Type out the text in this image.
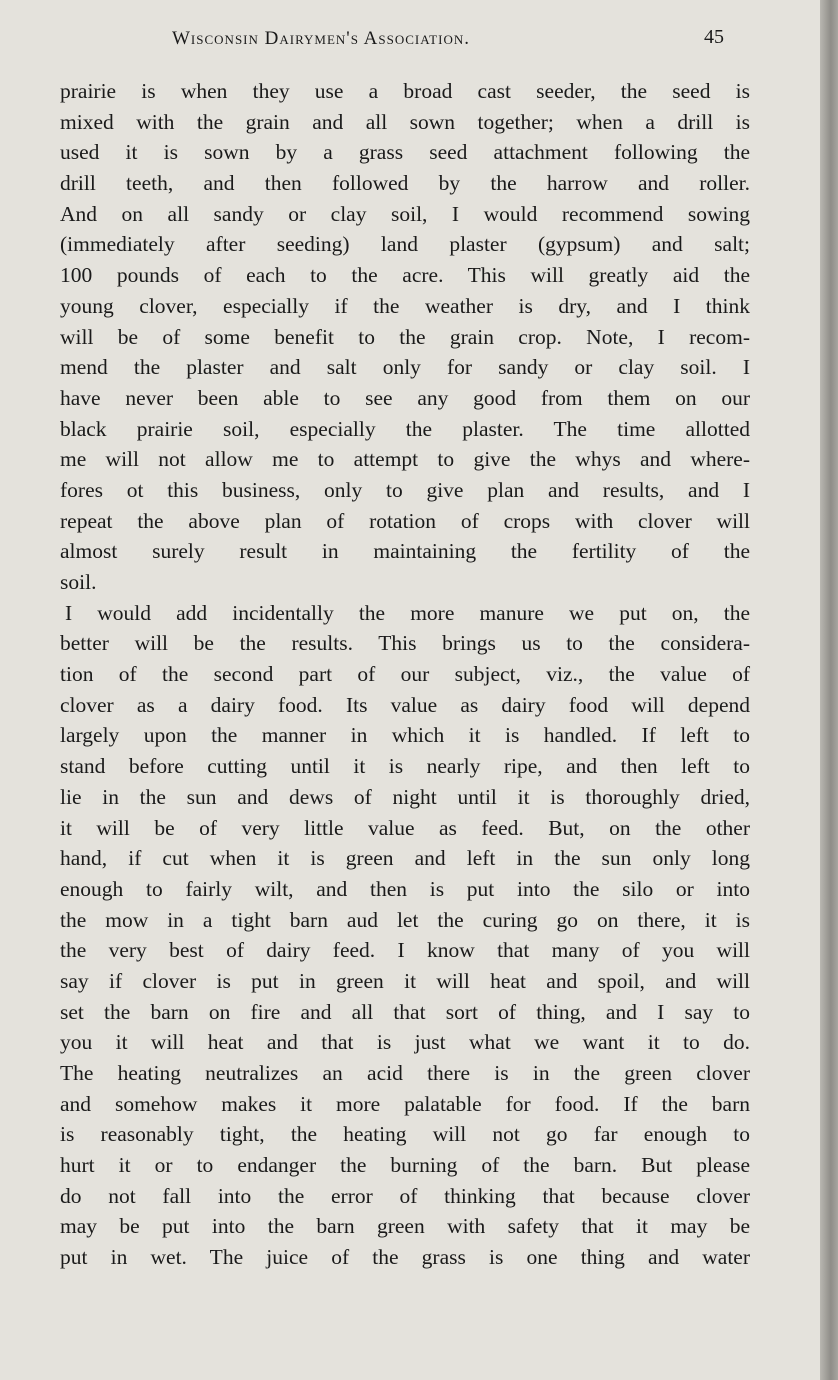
Wisconsin Dairymen's Association.	45
prairie is when they use a broad cast seeder, the seed is
mixed with the grain and all sown together; when a drill is
used it is sown by a grass seed attachment following the
drill teeth, and then followed by the harrow and roller.
And on all sandy or clay soil, I would recommend sowing
(immediately after seeding) land plaster (gypsum) and salt;
100 pounds of each to the acre. This will greatly aid the
young clover, especially if the weather is dry, and I think
will be of some benefit to the grain crop. Note, I recom-
mend the plaster and salt only for sandy or clay soil. I
have never been able to see any good from them on our
black prairie soil, especially the plaster. The time allotted
me will not allow me to attempt to give the whys and where-
fores ot this business, only to give plan and results, and I
repeat the above plan of rotation of crops with clover will
almost surely result in maintaining the fertility of the
soil.
I would add incidentally the more manure we put on, the
better will be the results. This brings us to the considera-
tion of the second part of our subject, viz., the value of
clover as a dairy food. Its value as dairy food will depend
largely upon the manner in which it is handled. If left to
stand before cutting until it is nearly ripe, and then left to
lie in the sun and dews of night until it is thoroughly dried,
it will be of very little value as feed. But, on the other
hand, if cut when it is green and left in the sun only long
enough to fairly wilt, and then is put into the silo or into
the mow in a tight barn aud let the curing go on there, it is
the very best of dairy feed. I know that many of you will
say if clover is put in green it will heat and spoil, and will
set the barn on fire and all that sort of thing, and I say to
you it will heat and that is just what we want it to do.
The heating neutralizes an acid there is in the green clover
and somehow makes it more palatable for food. If the barn
is reasonably tight, the heating will not go far enough to
hurt it or to endanger the burning of the barn. But please
do not fall into the error of thinking that because clover
may be put into the barn green with safety that it may be
put in wet. The juice of the grass is one thing and water
